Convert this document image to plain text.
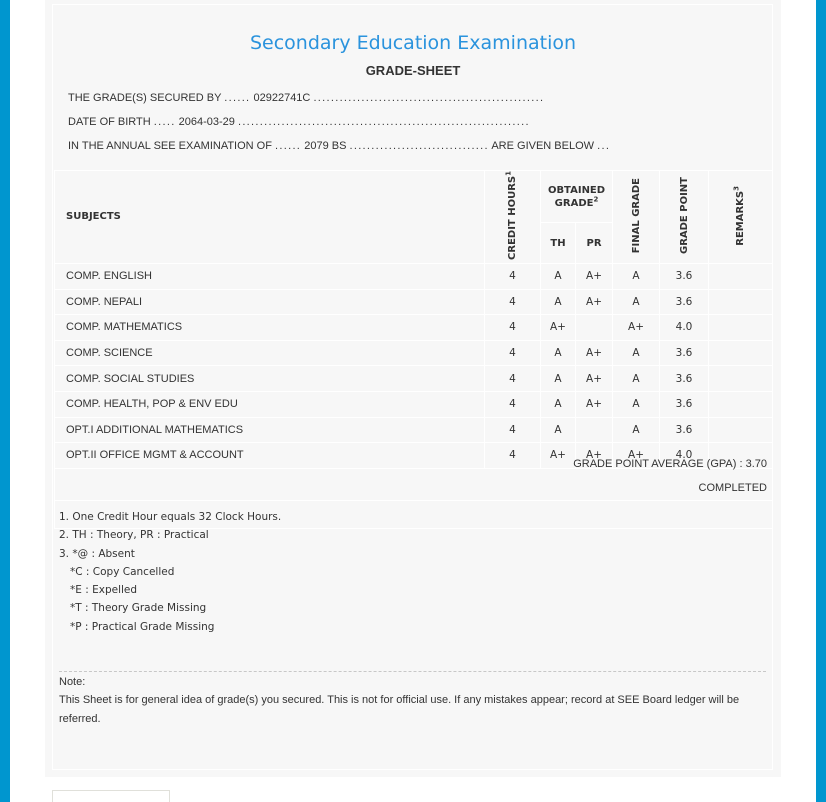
Secondary Education Examination
GRADE-SHEET
THE GRADE(S) SECURED BY ...... 02922741C .....................................................
DATE OF BIRTH ..... 2064-03-29 ...................................................................
IN THE ANNUAL SEE EXAMINATION OF ...... 2079 BS ................................ ARE GIVEN BELOW ...
SUBJECTS	CREDIT HOURS$^1$	OBTAINED GRADE$^2$		FINAL GRADE	GRADE POINT	REMARKS$^3$
		TH	PR			
COMP. ENGLISH	4	A	A+	A	3.6	
COMP. NEPALI	4	A	A+	A	3.6	
COMP. MATHEMATICS	4	A+		A+	4.0	
COMP. SCIENCE	4	A	A+	A	3.6	
COMP. SOCIAL STUDIES	4	A	A+	A	3.6	
COMP. HEALTH, POP & ENV EDU	4	A	A+	A	3.6	
OPT.I ADDITIONAL MATHEMATICS	4	A		A	3.6	
OPT.II OFFICE MGMT & ACCOUNT	4	A+	A+	A+	4.0	

GRADE POINT AVERAGE (GPA) : 3.70
COMPLETED
1. One Credit Hour equals 32 Clock Hours.
2. TH : Theory, PR : Practical
3. *@ : Absent
*C : Copy Cancelled
*E : Expelled
*T : Theory Grade Missing
*P : Practical Grade Missing
Note:
This Sheet is for general idea of grade(s) you secured. This is not for official use. If any mistakes appear; record at SEE Board ledger will be referred.
